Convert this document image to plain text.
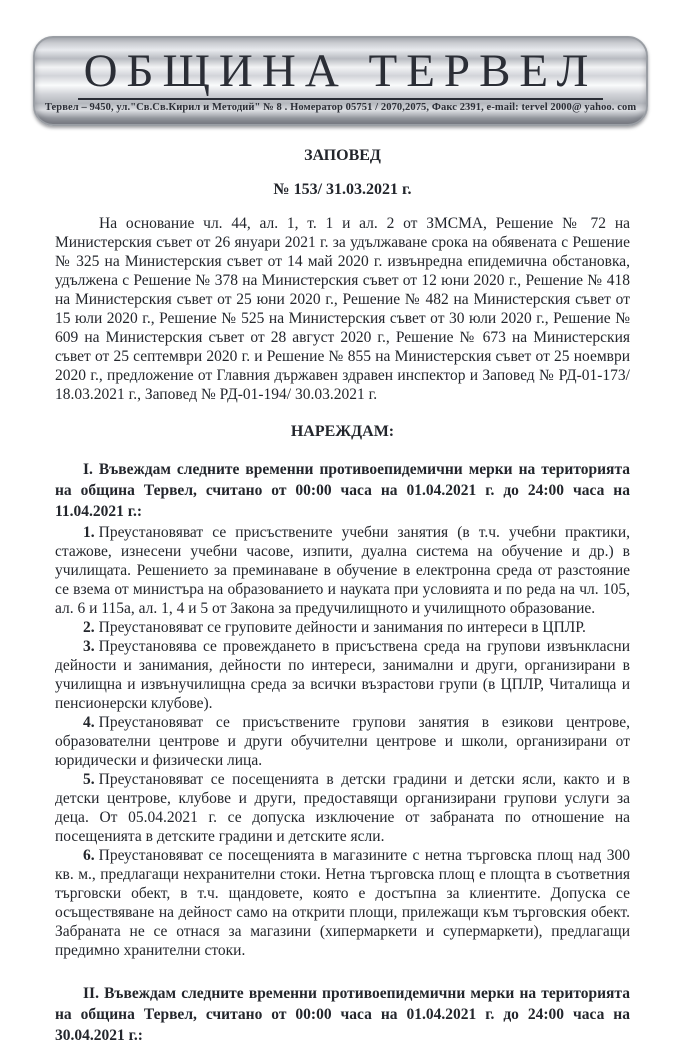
ОБЩИНА ТЕРВЕЛ
Тервел – 9450, ул."Св.Св.Кирил и Методий" № 8 . Номератор 05751 / 2070,2075, Факс 2391, e-mail: tervel 2000@ yahoo. com
ЗАПОВЕД
№ 153/ 31.03.2021 г.

На основание чл. 44, ал. 1, т. 1 и ал. 2 от ЗМСМА, Решение № 72 на Министерския съвет от 26 януари 2021 г. за удължаване срока на обявената с Решение № 325 на Министерския съвет от 14 май 2020 г. извънредна епидемична обстановка, удължена с Решение № 378 на Министерския съвет от 12 юни 2020 г., Решение № 418 на Министерския съвет от 25 юни 2020 г., Решение № 482 на Министерския съвет от 15 юли 2020 г., Решение № 525 на Министерския съвет от 30 юли 2020 г., Решение № 609 на Министерския съвет от 28 август 2020 г., Решение № 673 на Министерския съвет от 25 септември 2020 г. и Решение № 855 на Министерския съвет от 25 ноември 2020 г., предложение от Главния държавен здравен инспектор и Заповед № РД-01-173/ 18.03.2021 г., Заповед № РД-01-194/ 30.03.2021 г.

НАРЕЖДАМ:

I. Въвеждам следните временни противоепидемични мерки на територията на община Тервел, считано от 00:00 часа на 01.04.2021 г. до 24:00 часа на 11.04.2021 г.:

1. Преустановяват се присъствените учебни занятия (в т.ч. учебни практики, стажове, изнесени учебни часове, изпити, дуална система на обучение и др.) в училищата. Решението за преминаване в обучение в електронна среда от разстояние се взема от министъра на образованието и науката при условията и по реда на чл. 105, ал. 6 и 115а, ал. 1, 4 и 5 от Закона за предучилищното и училищното образование.

2. Преустановяват се груповите дейности и занимания по интереси в ЦПЛР.

3. Преустановява се провеждането в присъствена среда на групови извънкласни дейности и занимания, дейности по интереси, занимални и други, организирани в училищна и извънучилищна среда за всички възрастови групи (в ЦПЛР, Читалища и пенсионерски клубове).

4. Преустановяват се присъствените групови занятия в езикови центрове, образователни центрове и други обучителни центрове и школи, организирани от юридически и физически лица.

5. Преустановяват се посещенията в детски градини и детски ясли, както и в детски центрове, клубове и други, предоставящи организирани групови услуги за деца. От 05.04.2021 г. се допуска изключение от забраната по отношение на посещенията в детските градини и детските ясли.

6. Преустановяват се посещенията в магазините с нетна търговска площ над 300 кв. м., предлагащи нехранителни стоки. Нетна търговска площ е площта в съответния търговски обект, в т.ч. щандовете, която е достъпна за клиентите. Допуска се осъществяване на дейност само на открити площи, прилежащи към търговския обект. Забраната не се отнася за магазини (хипермаркети и супермаркети), предлагащи предимно хранителни стоки.

II. Въвеждам следните временни противоепидемични мерки на територията на община Тервел, считано от 00:00 часа на 01.04.2021 г. до 24:00 часа на 30.04.2021 г.:
